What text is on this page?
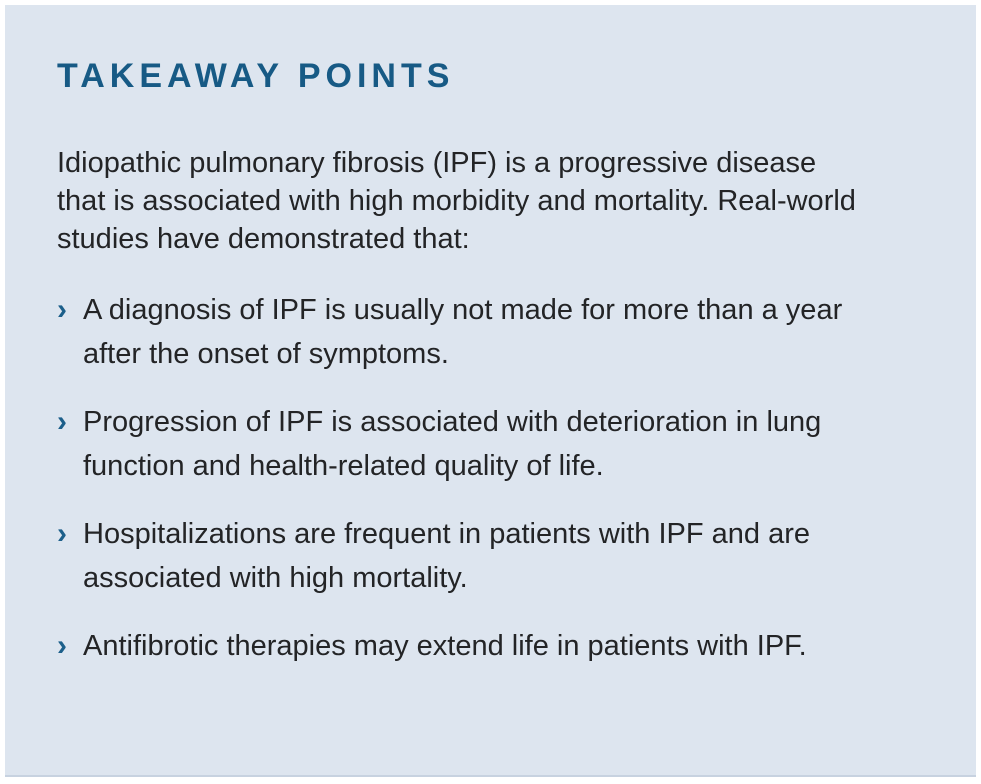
TAKEAWAY POINTS

Idiopathic pulmonary fibrosis (IPF) is a progressive disease that is associated with high morbidity and mortality. Real-world studies have demonstrated that:

› A diagnosis of IPF is usually not made for more than a year after the onset of symptoms.
› Progression of IPF is associated with deterioration in lung function and health-related quality of life.
› Hospitalizations are frequent in patients with IPF and are associated with high mortality.
› Antifibrotic therapies may extend life in patients with IPF.
